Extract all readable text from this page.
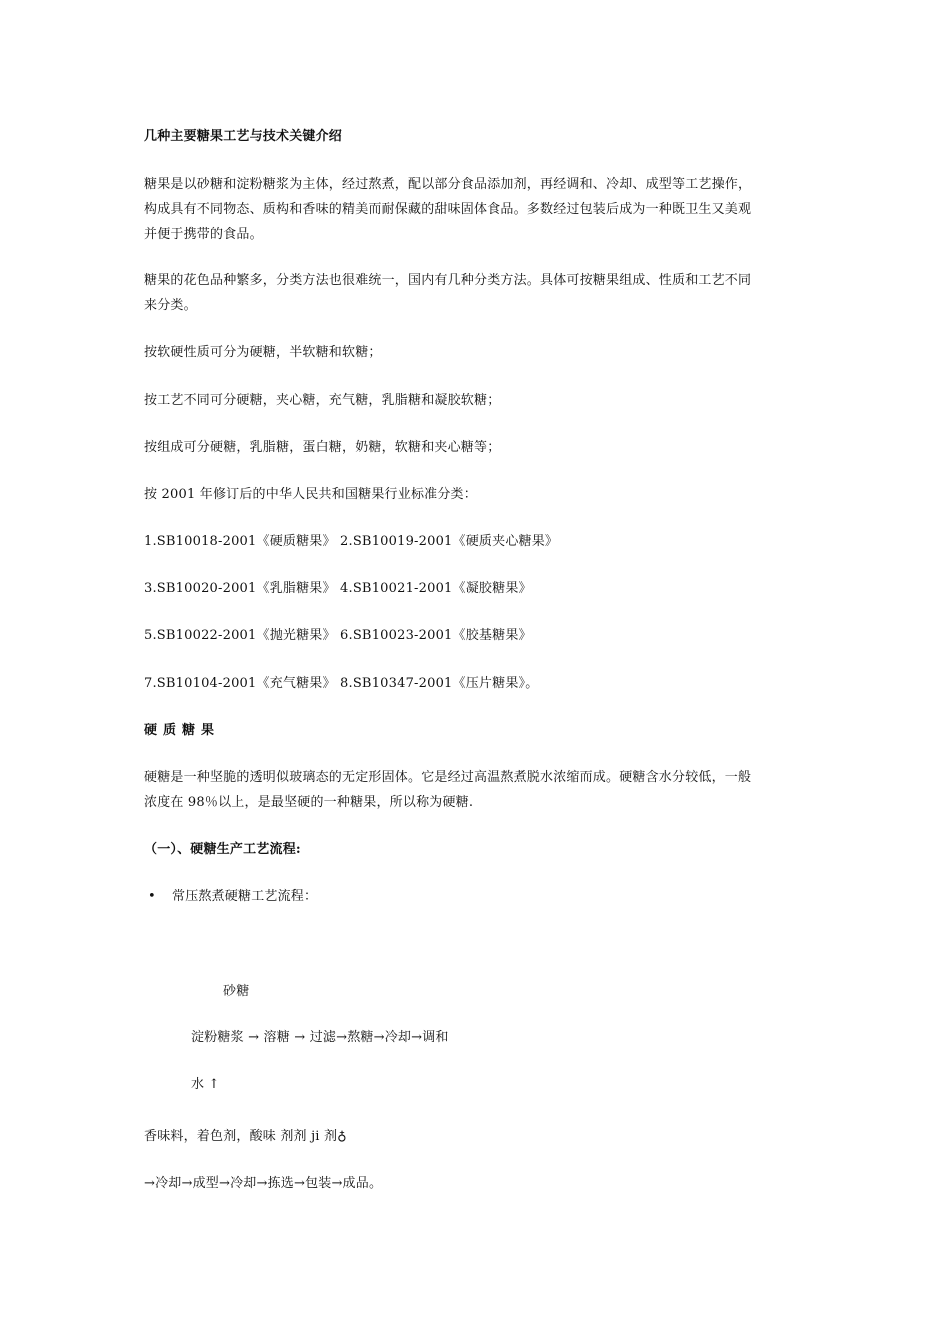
几种主要糖果工艺与技术关键介绍
糖果是以砂糖和淀粉糖浆为主体，经过熬煮，配以部分食品添加剂，再经调和、冷却、成型等工艺操作，
构成具有不同物态、质构和香味的精美而耐保藏的甜味固体食品。多数经过包装后成为一种既卫生又美观
并便于携带的食品。
糖果的花色品种繁多，分类方法也很难统一，国内有几种分类方法。具体可按糖果组成、性质和工艺不同
来分类。
按软硬性质可分为硬糖，半软糖和软糖；
按工艺不同可分硬糖，夹心糖，充气糖，乳脂糖和凝胶软糖；
按组成可分硬糖，乳脂糖，蛋白糖，奶糖，软糖和夹心糖等；
按 2001 年修订后的中华人民共和国糖果行业标准分类：
1.SB10018-2001《硬质糖果》 2.SB10019-2001《硬质夹心糖果》
3.SB10020-2001《乳脂糖果》 4.SB10021-2001《凝胶糖果》
5.SB10022-2001《抛光糖果》 6.SB10023-2001《胶基糖果》
7.SB10104-2001《充气糖果》 8.SB10347-2001《压片糖果》。
硬质糖果
硬糖是一种坚脆的透明似玻璃态的无定形固体。它是经过高温熬煮脱水浓缩而成。硬糖含水分较低，一般
浓度在 98％以上，是最坚硬的一种糖果，所以称为硬糖.
（一）、硬糖生产工艺流程:
• 常压熬煮硬糖工艺流程：
砂糖
淀粉糖浆 → 溶糖 → 过滤→熬糖→冷却→调和
水 ↑
香味料，着色剂，酸味 剂剂 ji 剂♁
→冷却→成型→冷却→拣选→包装→成品。
